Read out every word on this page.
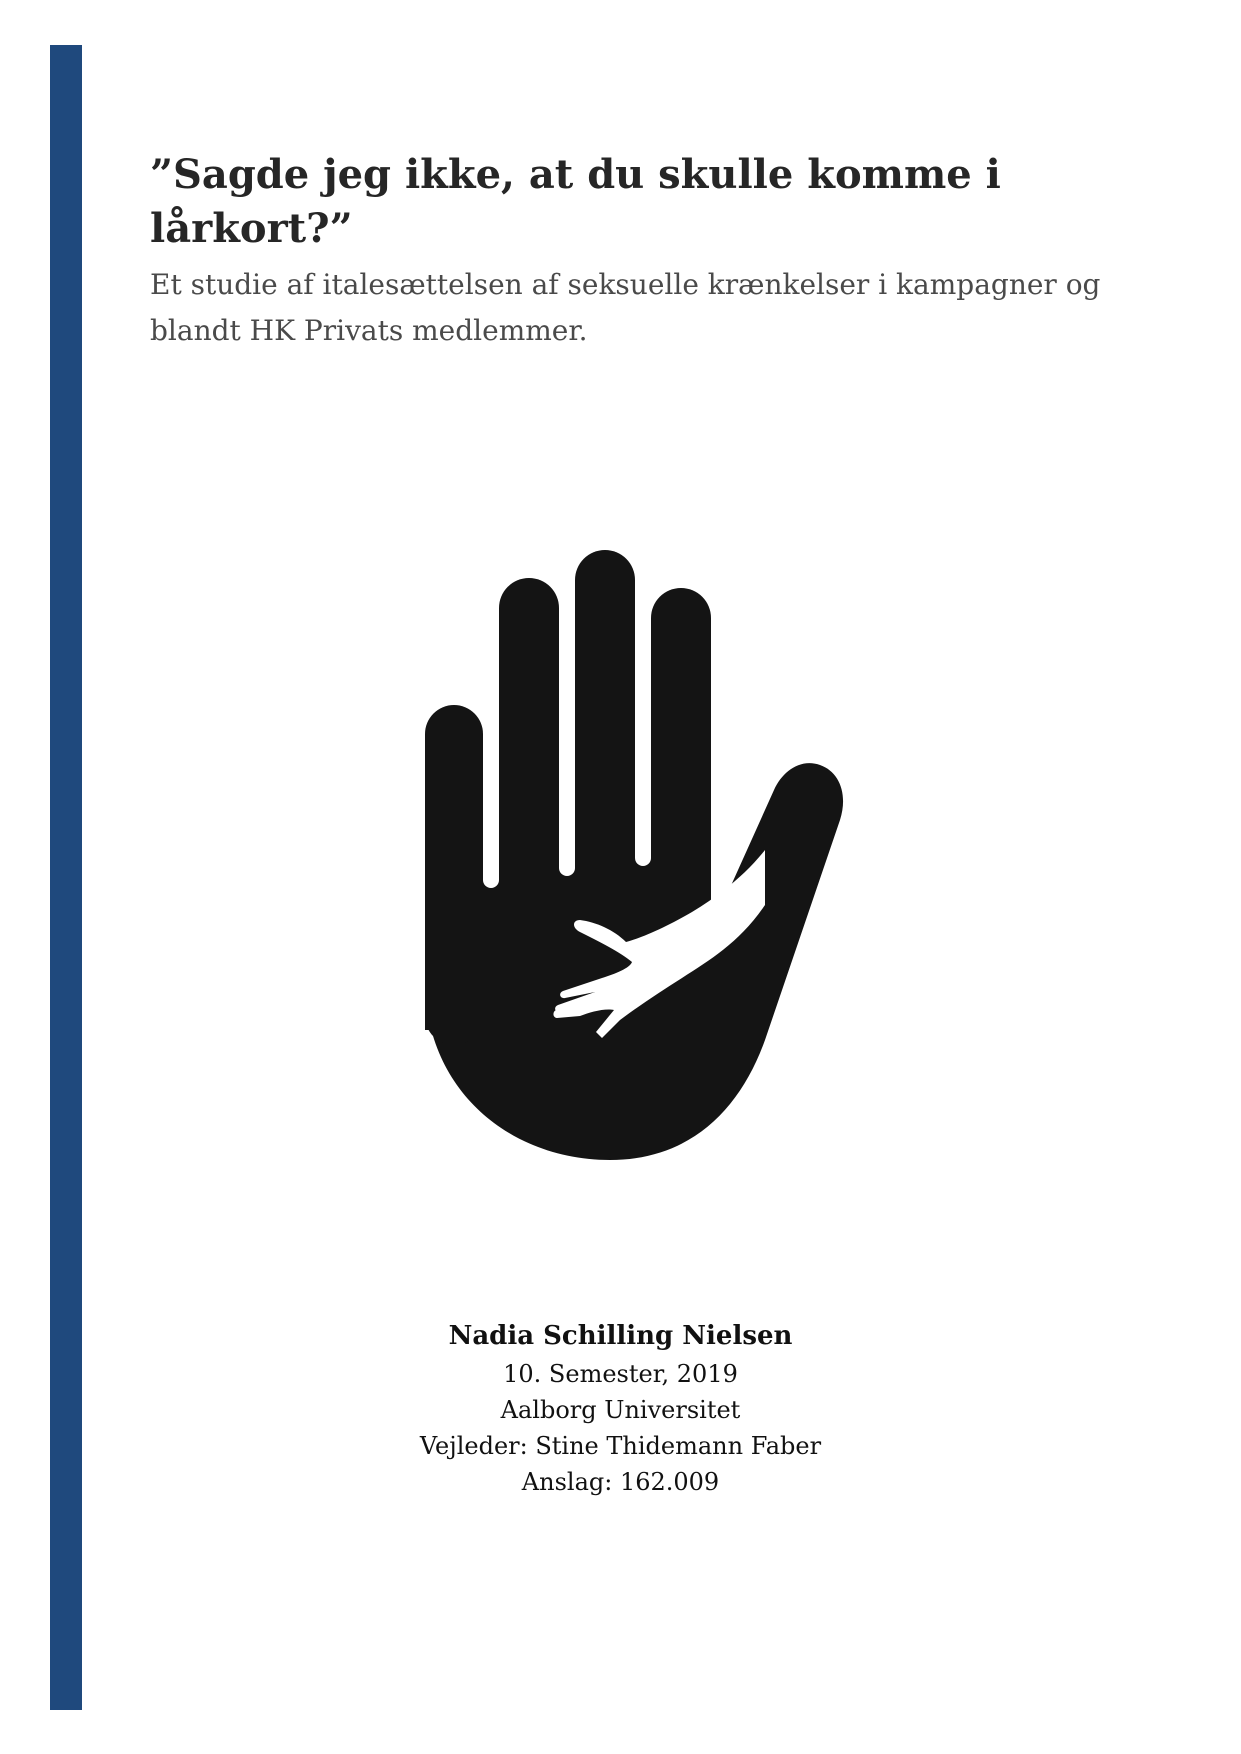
”Sagde jeg ikke, at du skulle komme i lårkort?”
Et studie af italesættelsen af seksuelle krænkelser i kampagner og blandt HK Privats medlemmer.
Nadia Schilling Nielsen
10. Semester, 2019
Aalborg Universitet
Vejleder: Stine Thidemann Faber
Anslag: 162.009
